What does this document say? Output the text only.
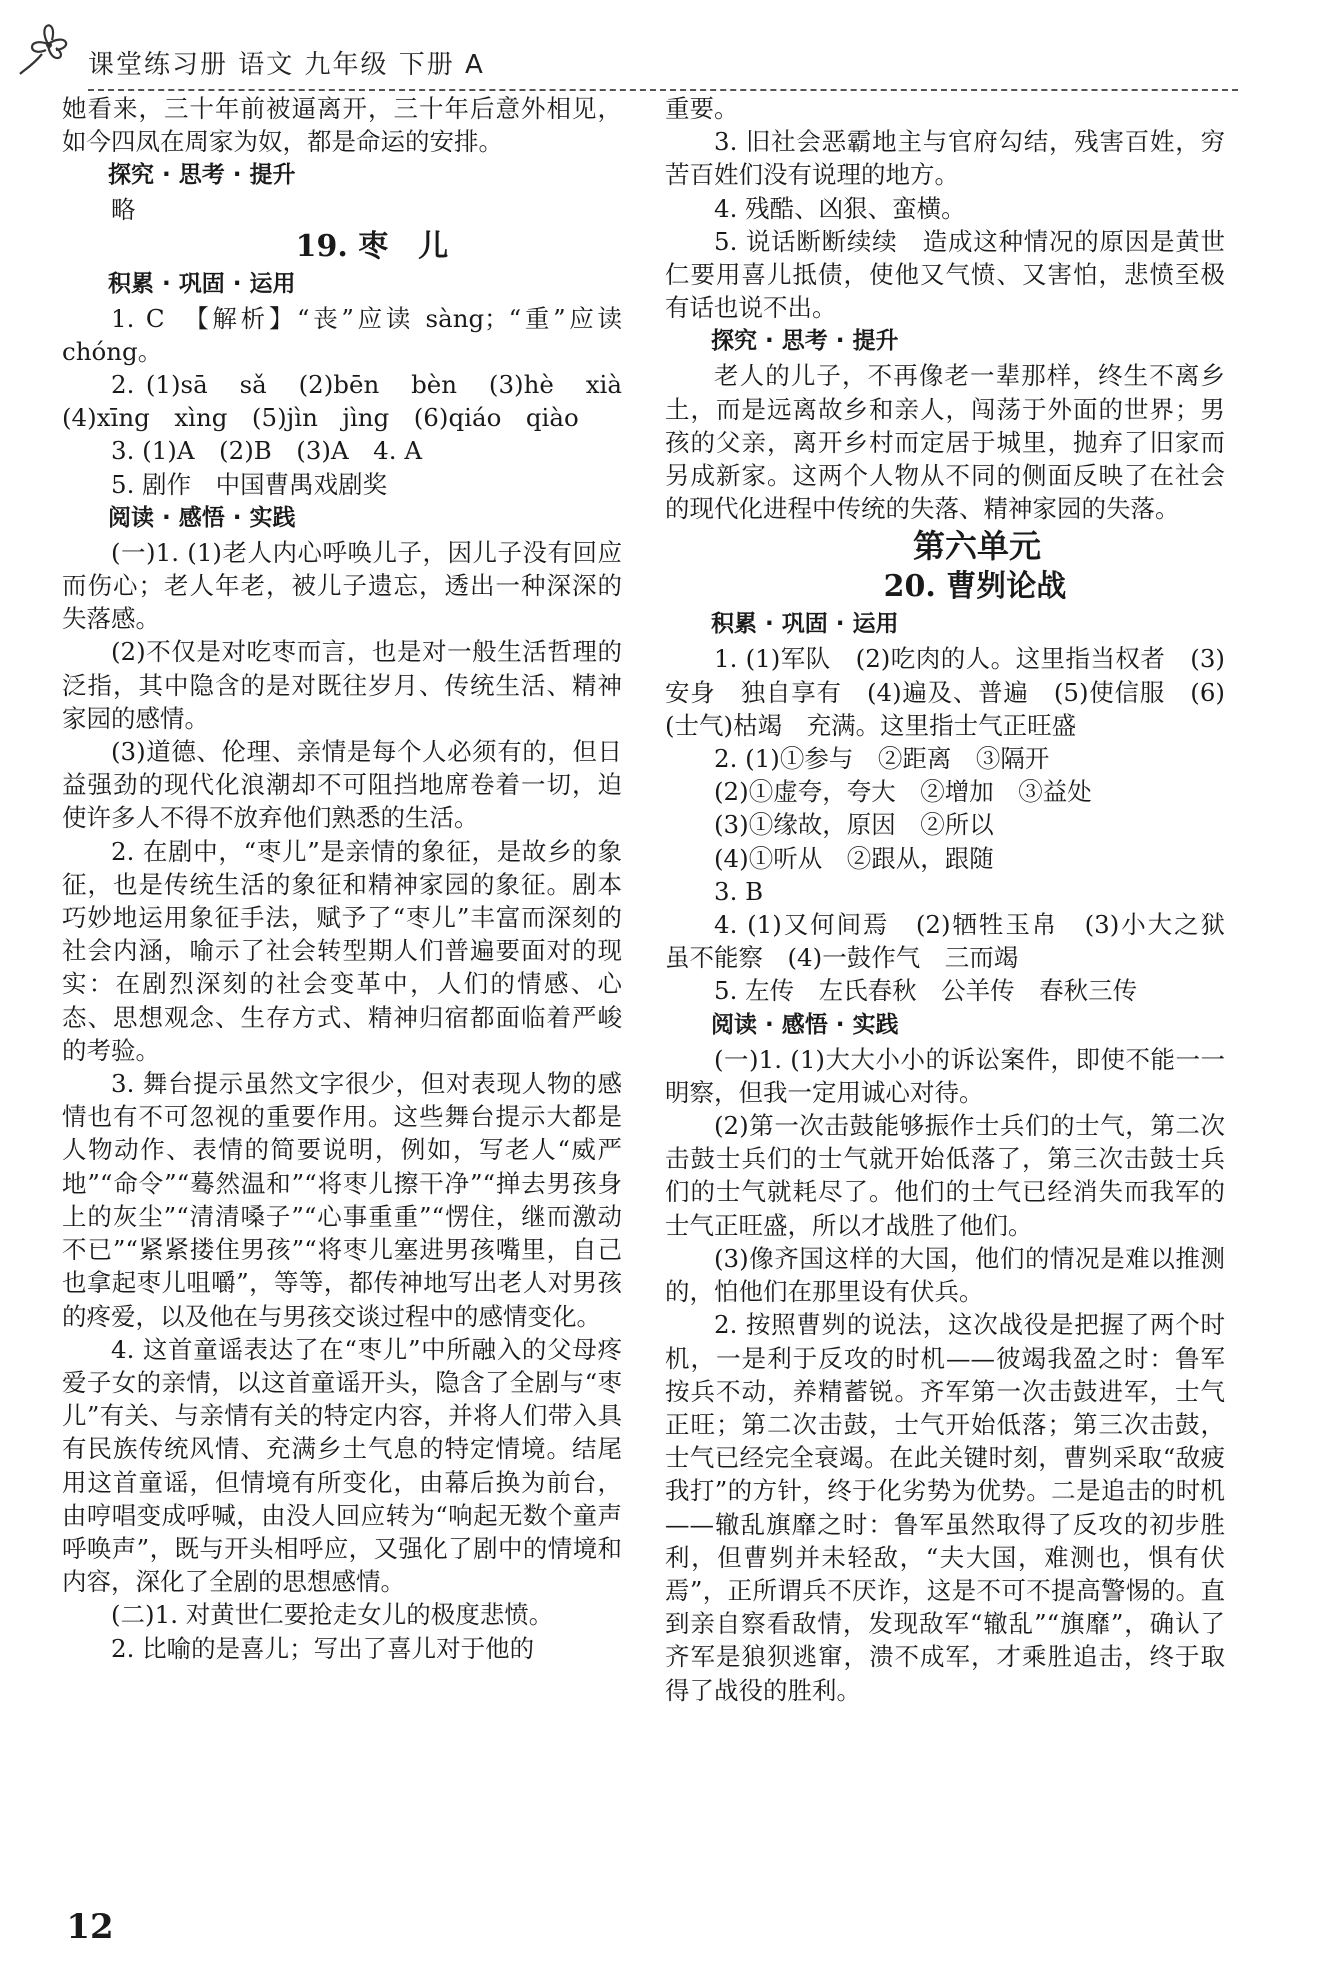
课堂练习册 语文 九年级 下册 A

她看来，三十年前被逼离开，三十年后意外相见，如今四凤在周家为奴，都是命运的安排。

探究 · 思考 · 提升

略

19. 枣　儿

积累 · 巩固 · 运用

1. C　【解析】“丧”应读 sàng；“重”应读 chóng。

2. (1)sā　sǎ　(2)bēn　bèn　(3)hè　xià　(4)xīng　xìng　(5)jìn　jìng　(6)qiáo　qiào

3. (1)A　(2)B　(3)A　4. A

5. 剧作　中国曹禺戏剧奖

阅读 · 感悟 · 实践

(一)1. (1)老人内心呼唤儿子，因儿子没有回应而伤心；老人年老，被儿子遗忘，透出一种深深的失落感。

(2)不仅是对吃枣而言，也是对一般生活哲理的泛指，其中隐含的是对既往岁月、传统生活、精神家园的感情。

(3)道德、伦理、亲情是每个人必须有的，但日益强劲的现代化浪潮却不可阻挡地席卷着一切，迫使许多人不得不放弃他们熟悉的生活。

2. 在剧中，“枣儿”是亲情的象征，是故乡的象征，也是传统生活的象征和精神家园的象征。剧本巧妙地运用象征手法，赋予了“枣儿”丰富而深刻的社会内涵，喻示了社会转型期人们普遍要面对的现实：在剧烈深刻的社会变革中，人们的情感、心态、思想观念、生存方式、精神归宿都面临着严峻的考验。

3. 舞台提示虽然文字很少，但对表现人物的感情也有不可忽视的重要作用。这些舞台提示大都是人物动作、表情的简要说明，例如，写老人“威严地”“命令”“蓦然温和”“将枣儿擦干净”“掸去男孩身上的灰尘”“清清嗓子”“心事重重”“愣住，继而激动不已”“紧紧搂住男孩”“将枣儿塞进男孩嘴里，自己也拿起枣儿咀嚼”，等等，都传神地写出老人对男孩的疼爱，以及他在与男孩交谈过程中的感情变化。

4. 这首童谣表达了在“枣儿”中所融入的父母疼爱子女的亲情，以这首童谣开头，隐含了全剧与“枣儿”有关、与亲情有关的特定内容，并将人们带入具有民族传统风情、充满乡土气息的特定情境。结尾用这首童谣，但情境有所变化，由幕后换为前台，由哼唱变成呼喊，由没人回应转为“响起无数个童声呼唤声”，既与开头相呼应，又强化了剧中的情境和内容，深化了全剧的思想感情。

(二)1. 对黄世仁要抢走女儿的极度悲愤。

2. 比喻的是喜儿；写出了喜儿对于他的

重要。

3. 旧社会恶霸地主与官府勾结，残害百姓，穷苦百姓们没有说理的地方。

4. 残酷、凶狠、蛮横。

5. 说话断断续续　造成这种情况的原因是黄世仁要用喜儿抵债，使他又气愤、又害怕，悲愤至极有话也说不出。

探究 · 思考 · 提升

老人的儿子，不再像老一辈那样，终生不离乡土，而是远离故乡和亲人，闯荡于外面的世界；男孩的父亲，离开乡村而定居于城里，抛弃了旧家而另成新家。这两个人物从不同的侧面反映了在社会的现代化进程中传统的失落、精神家园的失落。

第六单元

20. 曹刿论战

积累 · 巩固 · 运用

1. (1)军队　(2)吃肉的人。这里指当权者　(3)安身　独自享有　(4)遍及、普遍　(5)使信服　(6)(士气)枯竭　充满。这里指士气正旺盛

2. (1)①参与　②距离　③隔开

(2)①虚夸，夸大　②增加　③益处

(3)①缘故，原因　②所以

(4)①听从　②跟从，跟随

3. B

4. (1)又何间焉　(2)牺牲玉帛　(3)小大之狱　虽不能察　(4)一鼓作气　三而竭

5. 左传　左氏春秋　公羊传　春秋三传

阅读 · 感悟 · 实践

(一)1. (1)大大小小的诉讼案件，即使不能一一明察，但我一定用诚心对待。

(2)第一次击鼓能够振作士兵们的士气，第二次击鼓士兵们的士气就开始低落了，第三次击鼓士兵们的士气就耗尽了。他们的士气已经消失而我军的士气正旺盛，所以才战胜了他们。

(3)像齐国这样的大国，他们的情况是难以推测的，怕他们在那里设有伏兵。

2. 按照曹刿的说法，这次战役是把握了两个时机，一是利于反攻的时机——彼竭我盈之时：鲁军按兵不动，养精蓄锐。齐军第一次击鼓进军，士气正旺；第二次击鼓，士气开始低落；第三次击鼓，士气已经完全衰竭。在此关键时刻，曹刿采取“敌疲我打”的方针，终于化劣势为优势。二是追击的时机——辙乱旗靡之时：鲁军虽然取得了反攻的初步胜利，但曹刿并未轻敌，“夫大国，难测也，惧有伏焉”，正所谓兵不厌诈，这是不可不提高警惕的。直到亲自察看敌情，发现敌军“辙乱”“旗靡”，确认了齐军是狼狈逃窜，溃不成军，才乘胜追击，终于取得了战役的胜利。

12
